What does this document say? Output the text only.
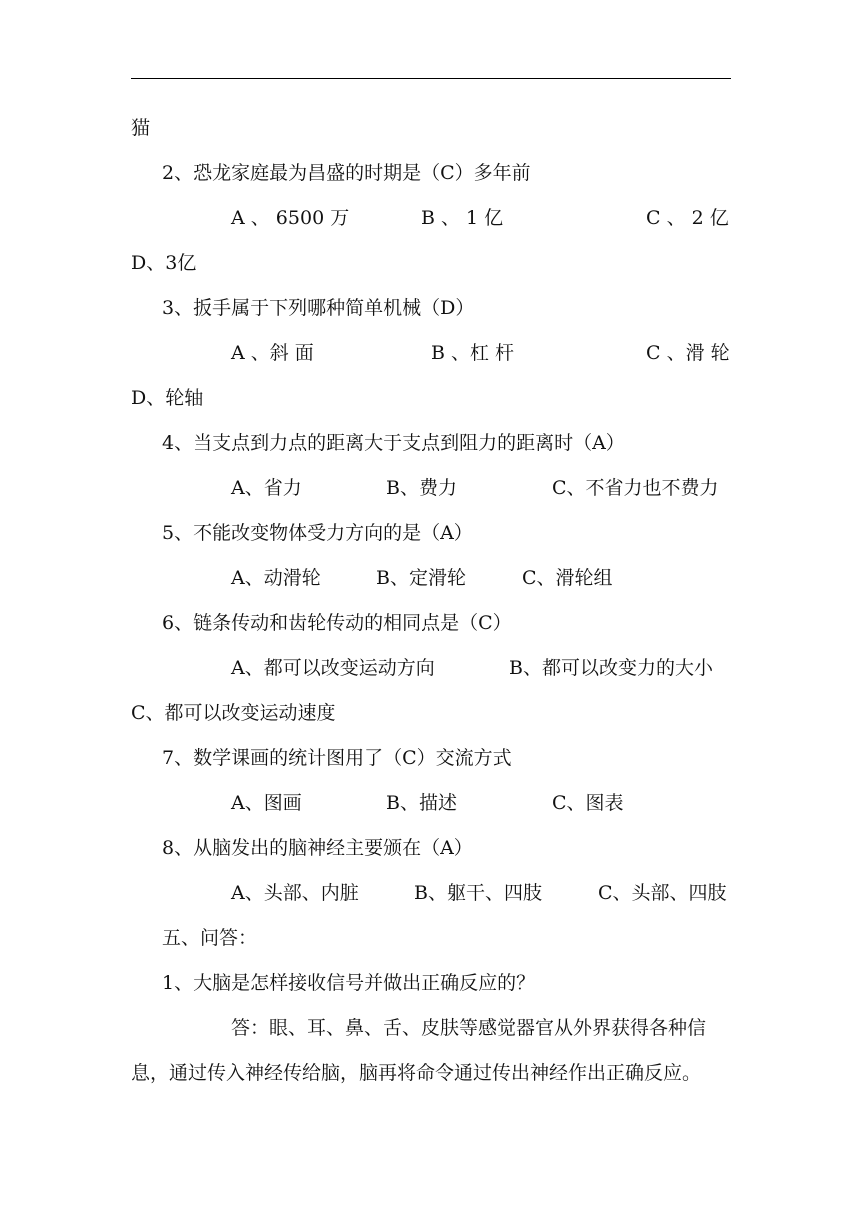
猫
2、恐龙家庭最为昌盛的时期是（C）多年前
A 、 6500 万	B 、 1 亿	C 、 2 亿
D、3亿
3、扳手属于下列哪种简单机械（D）
A 、斜 面	B 、杠 杆	C 、滑 轮
D、轮轴
4、当支点到力点的距离大于支点到阻力的距离时（A）
A、省力	B、费力	C、不省力也不费力
5、不能改变物体受力方向的是（A）
A、动滑轮	B、定滑轮	C、滑轮组
6、链条传动和齿轮传动的相同点是（C）
A、都可以改变运动方向	B、都可以改变力的大小
C、都可以改变运动速度
7、数学课画的统计图用了（C）交流方式
A、图画	B、描述	C、图表
8、从脑发出的脑神经主要颁在（A）
A、头部、内脏	B、躯干、四肢	C、头部、四肢
五、问答：
1、大脑是怎样接收信号并做出正确反应的？
答：眼、耳、鼻、舌、皮肤等感觉器官从外界获得各种信
息，通过传入神经传给脑，脑再将命令通过传出神经作出正确反应。
